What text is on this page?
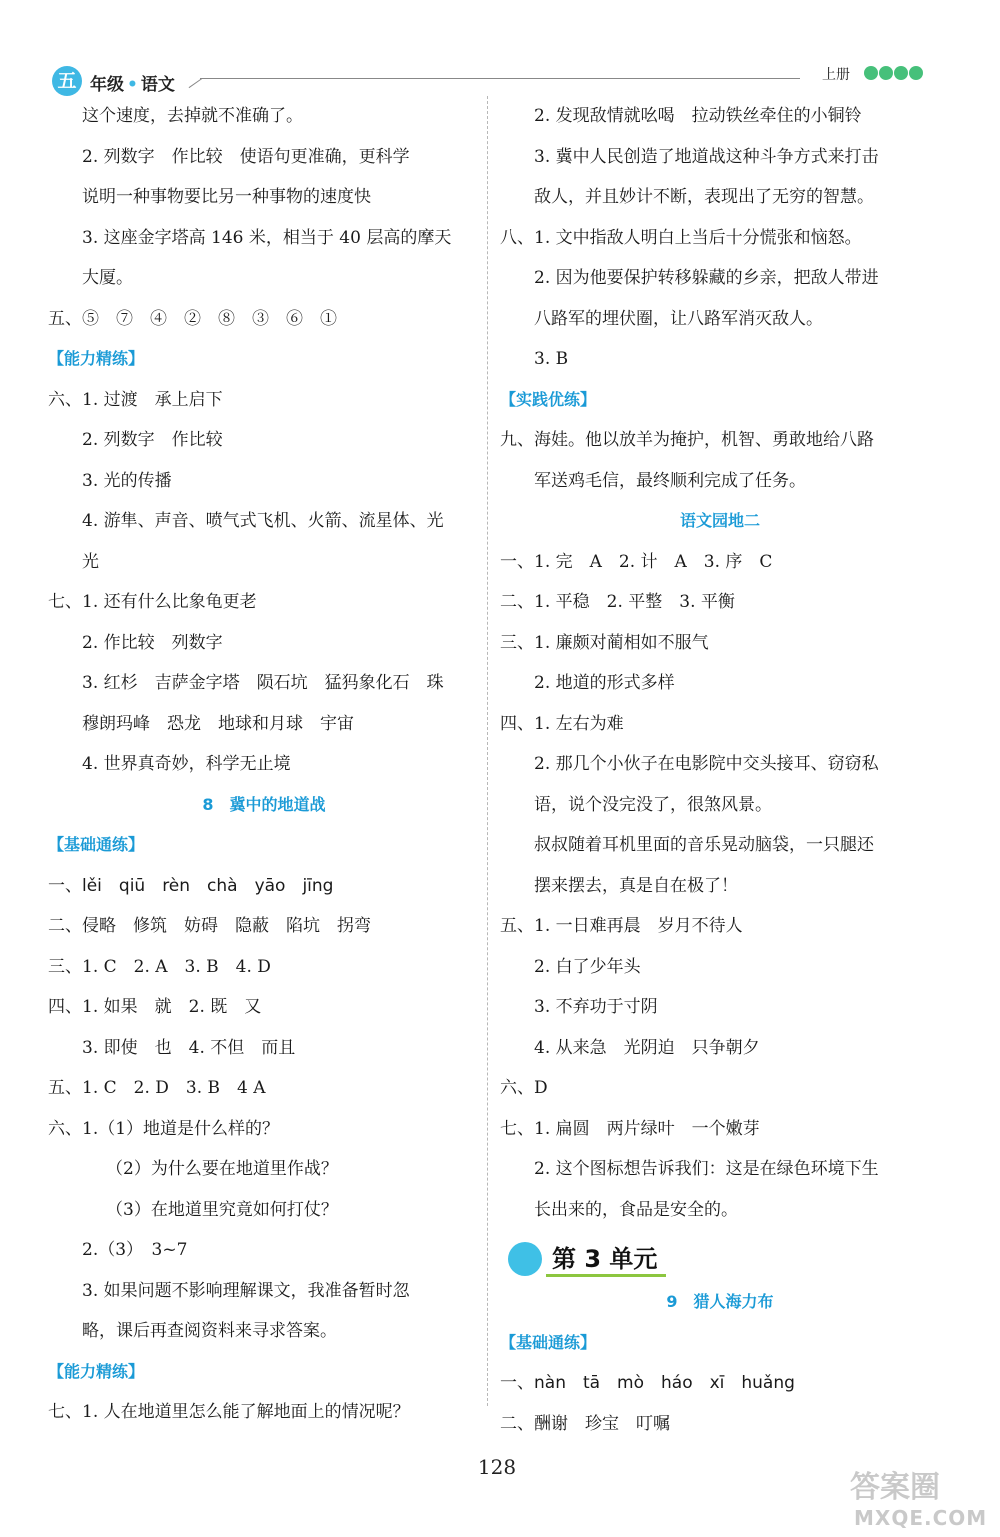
五 年级 • 语文	上册
这个速度，去掉就不准确了。
2. 列数字　作比较　使语句更准确，更科学
说明一种事物要比另一种事物的速度快
3. 这座金字塔高 146 米，相当于 40 层高的摩天
大厦。
五、⑤　⑦　④　②　⑧　③　⑥　①
【能力精练】
六、1. 过渡　承上启下
2. 列数字　作比较
3. 光的传播
4. 游隼、声音、喷气式飞机、火箭、流星体、光
光
七、1. 还有什么比象龟更老
2. 作比较　列数字
3. 红杉　吉萨金字塔　陨石坑　猛犸象化石　珠
穆朗玛峰　恐龙　地球和月球　宇宙
4. 世界真奇妙，科学无止境
8　冀中的地道战
【基础通练】
一、lěi　qiū　rèn　chà　yāo　jīng
二、侵略　修筑　妨碍　隐蔽　陷坑　拐弯
三、1. C　2. A　3. B　4. D
四、1. 如果　就　2. 既　又
3. 即使　也　4. 不但　而且
五、1. C　2. D　3. B　4 A
六、1.（1）地道是什么样的？
（2）为什么要在地道里作战？
（3）在地道里究竟如何打仗？
2.（3）　3~7
3. 如果问题不影响理解课文，我准备暂时忽
略，课后再查阅资料来寻求答案。
【能力精练】
七、1. 人在地道里怎么能了解地面上的情况呢？
2. 发现敌情就吆喝　拉动铁丝牵住的小铜铃
3. 冀中人民创造了地道战这种斗争方式来打击
敌人，并且妙计不断，表现出了无穷的智慧。
八、1. 文中指敌人明白上当后十分慌张和恼怒。
2. 因为他要保护转移躲藏的乡亲，把敌人带进
八路军的埋伏圈，让八路军消灭敌人。
3. B
【实践优练】
九、海娃。他以放羊为掩护，机智、勇敢地给八路
军送鸡毛信，最终顺利完成了任务。
语文园地二
一、1. 完　A　2. 计　A　3. 序　C
二、1. 平稳　2. 平整　3. 平衡
三、1. 廉颇对蔺相如不服气
2. 地道的形式多样
四、1. 左右为难
2. 那几个小伙子在电影院中交头接耳、窃窃私
语，说个没完没了，很煞风景。
叔叔随着耳机里面的音乐晃动脑袋，一只腿还
摆来摆去，真是自在极了！
五、1. 一日难再晨　岁月不待人
2. 白了少年头
3. 不弃功于寸阴
4. 从来急　光阴迫　只争朝夕
六、D
七、1. 扁圆　两片绿叶　一个嫩芽
2. 这个图标想告诉我们：这是在绿色环境下生
长出来的，食品是安全的。
第 3 单元
9　猎人海力布
【基础通练】
一、nàn　tā　mò　háo　xī　huǎng
二、酬谢　珍宝　叮嘱
128
答案圈
MXQE.COM
